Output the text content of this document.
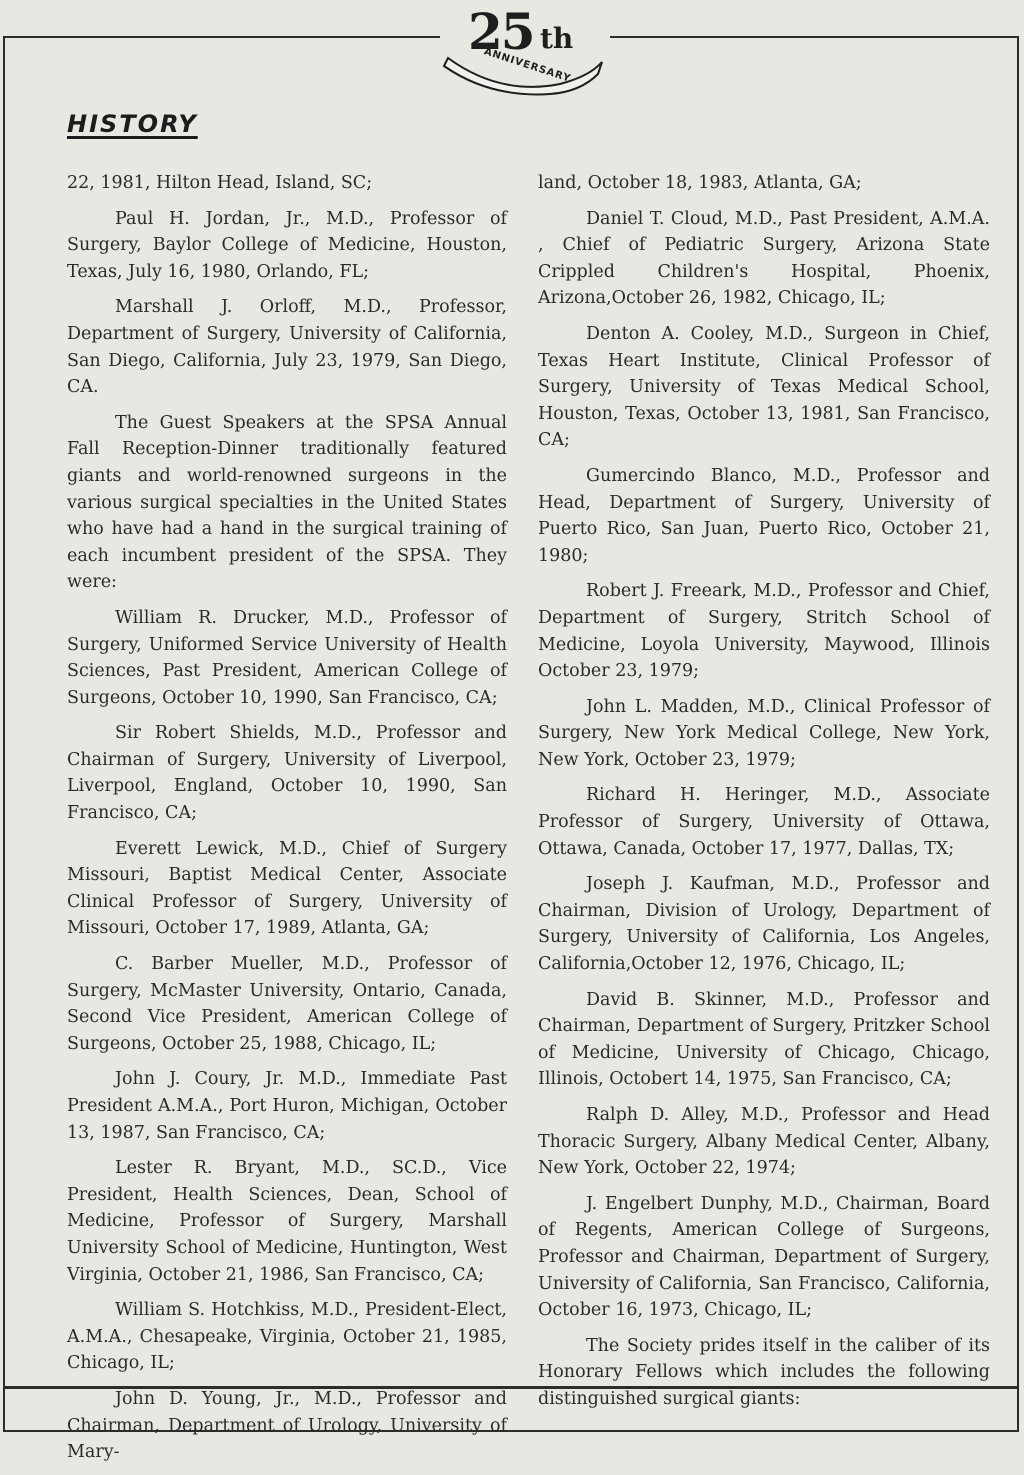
25 th
ANNIVERSARY
HISTORY

22, 1981, Hilton Head, Island, SC;

Paul H. Jordan, Jr., M.D., Professor of Surgery, Baylor College of Medicine, Houston, Texas, July 16, 1980, Orlando, FL;

Marshall J. Orloff, M.D., Professor, Department of Surgery, University of California, San Diego, California, July 23, 1979, San Diego, CA.

The Guest Speakers at the SPSA Annual Fall Reception-Dinner traditionally featured giants and world-renowned surgeons in the various surgical specialties in the United States who have had a hand in the surgical training of each incumbent president of the SPSA. They were:

William R. Drucker, M.D., Professor of Surgery, Uniformed Service University of Health Sciences, Past President, American College of Surgeons, October 10, 1990, San Francisco, CA;

Sir Robert Shields, M.D., Professor and Chairman of Surgery, University of Liverpool, Liverpool, England, October 10, 1990, San Francisco, CA;

Everett Lewick, M.D., Chief of Surgery Missouri, Baptist Medical Center, Associate Clinical Professor of Surgery, University of Missouri, October 17, 1989, Atlanta, GA;

C. Barber Mueller, M.D., Professor of Surgery, McMaster University, Ontario, Canada, Second Vice President, American College of Surgeons, October 25, 1988, Chicago, IL;

John J. Coury, Jr. M.D., Immediate Past President A.M.A., Port Huron, Michigan, October 13, 1987, San Francisco, CA;

Lester R. Bryant, M.D., SC.D., Vice President, Health Sciences, Dean, School of Medicine, Professor of Surgery, Marshall University School of Medicine, Huntington, West Virginia, October 21, 1986, San Francisco, CA;

William S. Hotchkiss, M.D., President-Elect, A.M.A., Chesapeake, Virginia, October 21, 1985, Chicago, IL;

John D. Young, Jr., M.D., Professor and Chairman, Department of Urology, University of Mary-

land, October 18, 1983, Atlanta, GA;

Daniel T. Cloud, M.D., Past President, A.M.A. , Chief of Pediatric Surgery, Arizona State Crippled Children's Hospital, Phoenix, Arizona,October 26, 1982, Chicago, IL;

Denton A. Cooley, M.D., Surgeon in Chief, Texas Heart Institute, Clinical Professor of Surgery, University of Texas Medical School, Houston, Texas, October 13, 1981, San Francisco, CA;

Gumercindo Blanco, M.D., Professor and Head, Department of Surgery, University of Puerto Rico, San Juan, Puerto Rico, October 21, 1980;

Robert J. Freeark, M.D., Professor and Chief, Department of Surgery, Stritch School of Medicine, Loyola University, Maywood, Illinois October 23, 1979;

John L. Madden, M.D., Clinical Professor of Surgery, New York Medical College, New York, New York, October 23, 1979;

Richard H. Heringer, M.D., Associate Professor of Surgery, University of Ottawa, Ottawa, Canada, October 17, 1977, Dallas, TX;

Joseph J. Kaufman, M.D., Professor and Chairman, Division of Urology, Department of Surgery, University of California, Los Angeles, California,October 12, 1976, Chicago, IL;

David B. Skinner, M.D., Professor and Chairman, Department of Surgery, Pritzker School of Medicine, University of Chicago, Chicago, Illinois, Octobert 14, 1975, San Francisco, CA;

Ralph D. Alley, M.D., Professor and Head Thoracic Surgery, Albany Medical Center, Albany, New York, October 22, 1974;

J. Engelbert Dunphy, M.D., Chairman, Board of Regents, American College of Surgeons, Professor and Chairman, Department of Surgery, University of California, San Francisco, California, October 16, 1973, Chicago, IL;

The Society prides itself in the caliber of its Honorary Fellows which includes the following distinguished surgical giants:
